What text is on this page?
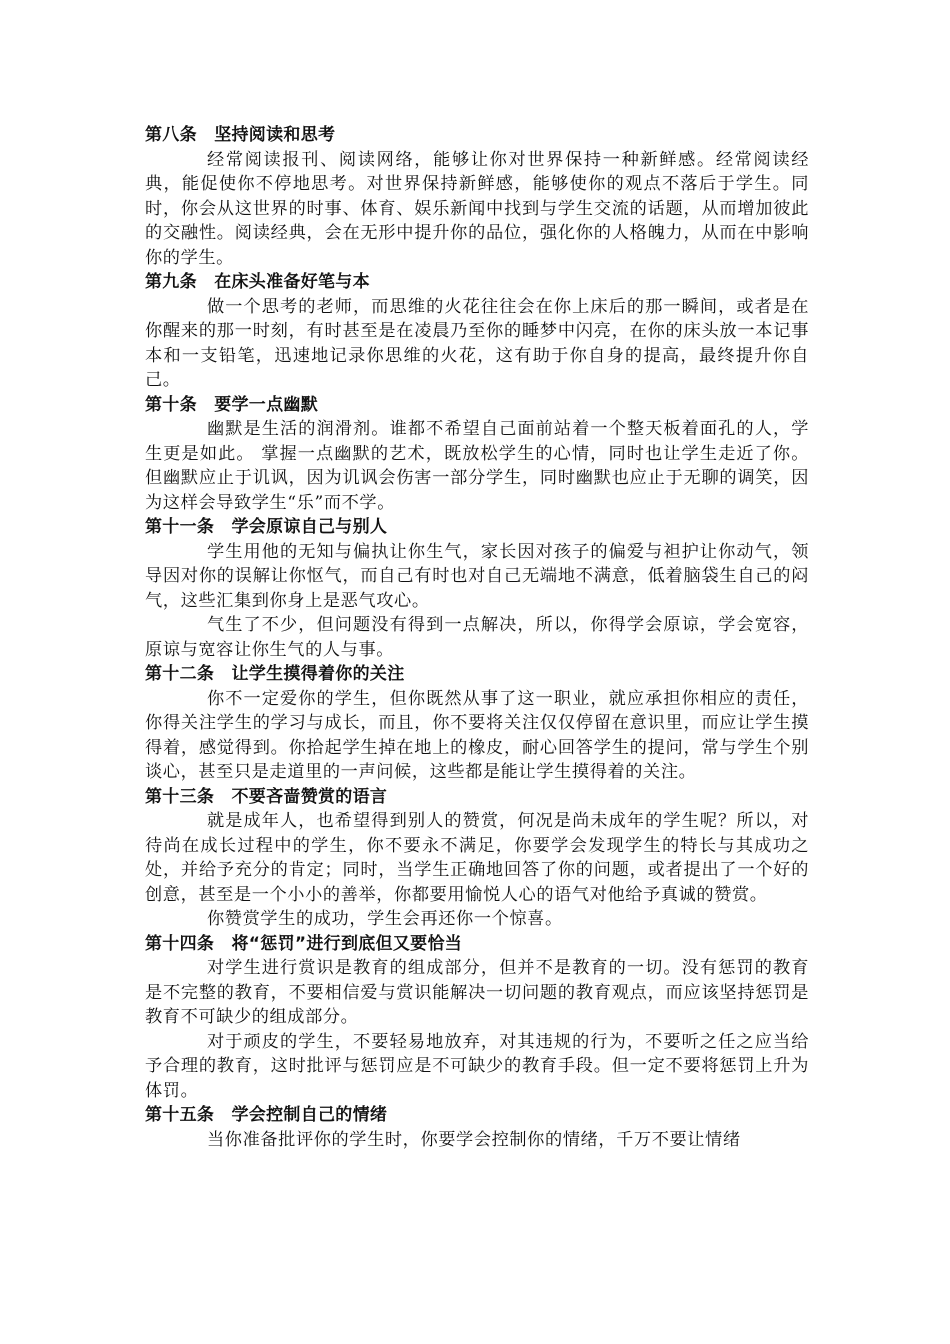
第八条　坚持阅读和思考

经常阅读报刊、阅读网络，能够让你对世界保持一种新鲜感。经常阅读经典，能促使你不停地思考。对世界保持新鲜感，能够使你的观点不落后于学生。同时，你会从这世界的时事、体育、娱乐新闻中找到与学生交流的话题，从而增加彼此的交融性。阅读经典，会在无形中提升你的品位，强化你的人格魄力，从而在中影响你的学生。

第九条　在床头准备好笔与本

做一个思考的老师，而思维的火花往往会在你上床后的那一瞬间，或者是在你醒来的那一时刻，有时甚至是在凌晨乃至你的睡梦中闪亮，在你的床头放一本记事本和一支铅笔，迅速地记录你思维的火花，这有助于你自身的提高，最终提升你自己。

第十条　要学一点幽默

幽默是生活的润滑剂。谁都不希望自己面前站着一个整天板着面孔的人，学生更是如此。 掌握一点幽默的艺术，既放松学生的心情，同时也让学生走近了你。但幽默应止于讥讽，因为讥讽会伤害一部分学生，同时幽默也应止于无聊的调笑，因为这样会导致学生“乐”而不学。

第十一条　学会原谅自己与别人

学生用他的无知与偏执让你生气，家长因对孩子的偏爱与袒护让你动气，领导因对你的误解让你怄气，而自己有时也对自己无端地不满意，低着脑袋生自己的闷气，这些汇集到你身上是恶气攻心。

气生了不少，但问题没有得到一点解决，所以，你得学会原谅，学会宽容，原谅与宽容让你生气的人与事。

第十二条　让学生摸得着你的关注

你不一定爱你的学生，但你既然从事了这一职业，就应承担你相应的责任，你得关注学生的学习与成长，而且，你不要将关注仅仅停留在意识里，而应让学生摸得着，感觉得到。你拾起学生掉在地上的橡皮，耐心回答学生的提问，常与学生个别谈心，甚至只是走道里的一声问候，这些都是能让学生摸得着的关注。

第十三条　不要吝啬赞赏的语言

就是成年人，也希望得到别人的赞赏，何况是尚未成年的学生呢？所以，对待尚在成长过程中的学生，你不要永不满足，你要学会发现学生的特长与其成功之处，并给予充分的肯定；同时，当学生正确地回答了你的问题，或者提出了一个好的创意，甚至是一个小小的善举，你都要用愉悦人心的语气对他给予真诚的赞赏。

你赞赏学生的成功，学生会再还你一个惊喜。

第十四条　将“惩罚”进行到底但又要恰当

对学生进行赏识是教育的组成部分，但并不是教育的一切。没有惩罚的教育是不完整的教育，不要相信爱与赏识能解决一切问题的教育观点，而应该坚持惩罚是教育不可缺少的组成部分。

对于顽皮的学生，不要轻易地放弃，对其违规的行为，不要听之任之应当给予合理的教育，这时批评与惩罚应是不可缺少的教育手段。但一定不要将惩罚上升为体罚。

第十五条　学会控制自己的情绪

当你准备批评你的学生时，你要学会控制你的情绪，千万不要让情绪
